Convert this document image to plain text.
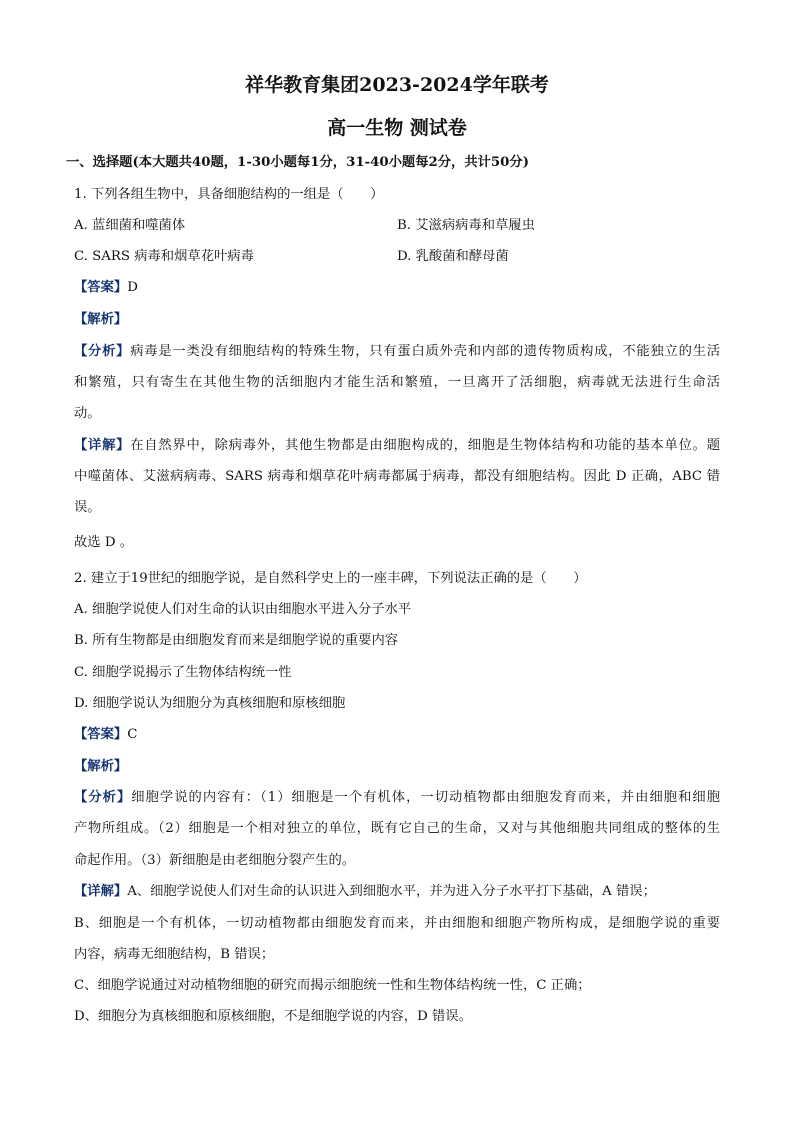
祥华教育集团2023-2024学年联考
高一生物 测试卷

一、选择题(本大题共40题，1-30小题每1分，31-40小题每2分，共计50分)

1. 下列各组生物中，具备细胞结构的一组是（　　）

A. 蓝细菌和噬菌体	B. 艾滋病病毒和草履虫

C. SARS 病毒和烟草花叶病毒	D. 乳酸菌和酵母菌

【答案】D

【解析】

【分析】病毒是一类没有细胞结构的特殊生物，只有蛋白质外壳和内部的遗传物质构成，不能独立的生活

和繁殖，只有寄生在其他生物的活细胞内才能生活和繁殖，一旦离开了活细胞，病毒就无法进行生命活

动。

【详解】在自然界中，除病毒外，其他生物都是由细胞构成的，细胞是生物体结构和功能的基本单位。题

中噬菌体、艾滋病病毒、SARS 病毒和烟草花叶病毒都属于病毒，都没有细胞结构。因此 D 正确，ABC 错

误。

故选 D 。

2. 建立于19世纪的细胞学说，是自然科学史上的一座丰碑，下列说法正确的是（　　）

A. 细胞学说使人们对生命的认识由细胞水平进入分子水平

B. 所有生物都是由细胞发育而来是细胞学说的重要内容

C. 细胞学说揭示了生物体结构统一性

D. 细胞学说认为细胞分为真核细胞和原核细胞

【答案】C

【解析】

【分析】细胞学说的内容有：（1）细胞是一个有机体，一切动植物都由细胞发育而来，并由细胞和细胞

产物所组成。（2）细胞是一个相对独立的单位，既有它自己的生命，又对与其他细胞共同组成的整体的生

命起作用。（3）新细胞是由老细胞分裂产生的。

【详解】A、细胞学说使人们对生命的认识进入到细胞水平，并为进入分子水平打下基础，A 错误；

B、细胞是一个有机体，一切动植物都由细胞发育而来，并由细胞和细胞产物所构成，是细胞学说的重要

内容，病毒无细胞结构，B 错误；

C、细胞学说通过对动植物细胞的研究而揭示细胞统一性和生物体结构统一性，C 正确；

D、细胞分为真核细胞和原核细胞，不是细胞学说的内容，D 错误。
